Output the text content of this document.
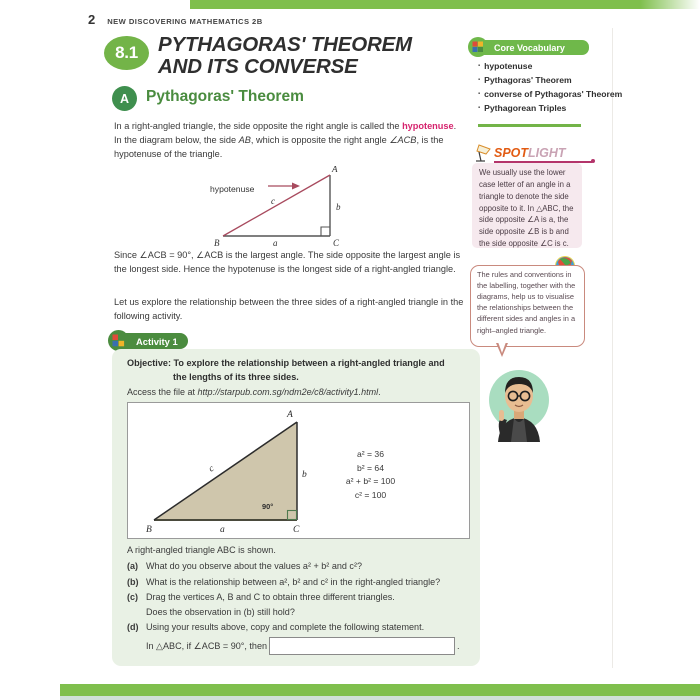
2 NEW DISCOVERING MATHEMATICS 2B
8.1 PYTHAGORAS' THEOREM
AND ITS CONVERSE
A	Pythagoras' Theorem
In a right-angled triangle, the side opposite the right angle is called the hypotenuse. In the diagram below, the side AB, which is opposite the right angle ∠ACB, is the hypotenuse of the triangle.
hypotenuse
A
B	C
a
b
c
Since ∠ACB = 90°, ∠ACB is the largest angle. The side opposite the largest angle is the longest side. Hence the hypotenuse is the longest side of a right-angled triangle.
Let us explore the relationship between the three sides of a right-angled triangle in the following activity.
Activity 1
Objective: To explore the relationship between a right-angled triangle and
the lengths of its three sides.
Access the file at http://starpub.com.sg/ndm2e/c8/activity1.html.
A
B	C
a
b
c
90°
a² = 36
b² = 64
a² + b² = 100
c² = 100
A right-angled triangle ABC is shown.
(a) What do you observe about the values a² + b² and c²?
(b) What is the relationship between a², b² and c² in the right-angled triangle?
(c) Drag the vertices A, B and C to obtain three different triangles.
Does the observation in (b) still hold?
(d) Using your results above, copy and complete the following statement.
In △ABC, if ∠ACB = 90°, then	.
Core Vocabulary
▪ hypotenuse
▪ Pythagoras' Theorem
▪ converse of Pythagoras' Theorem
▪ Pythagorean Triples
SPOTLIGHT
We usually use the lower case letter of an angle in a triangle to denote the side opposite to it. In △ABC, the side opposite ∠A is a, the side opposite ∠B is b and the side opposite ∠C is c.
The rules and conventions in the labelling, together with the diagrams, help us to visualise the relationships between the different sides and angles in a right–angled triangle.
